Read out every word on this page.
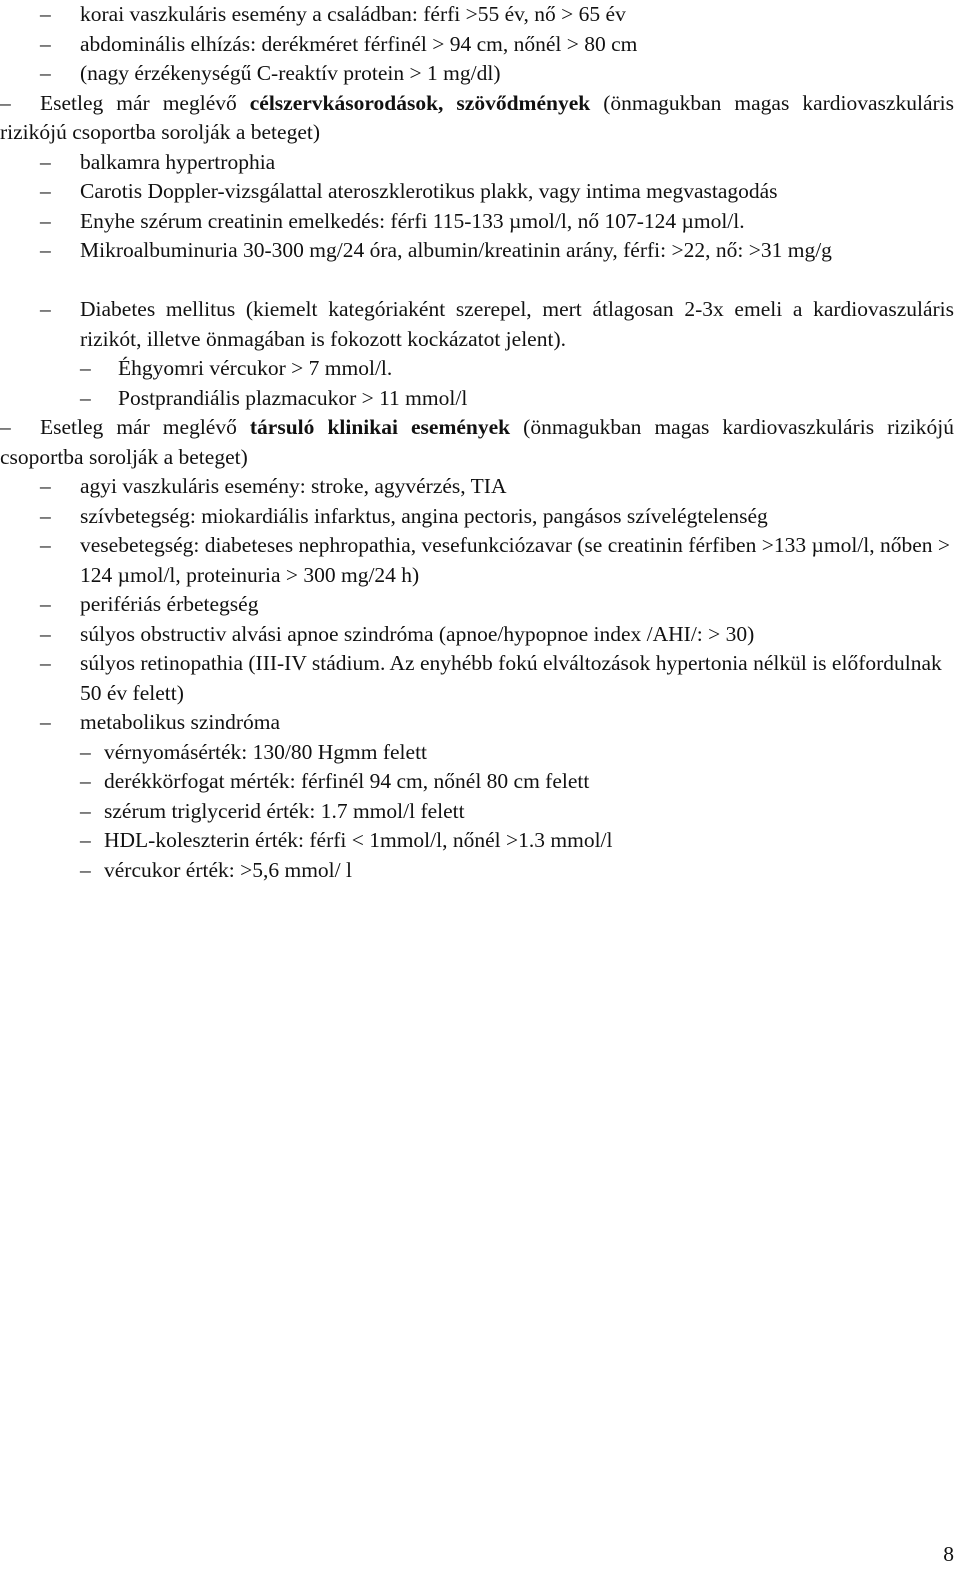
– korai vaszkuláris esemény a családban: férfi >55 év, nő > 65 év
– abdominális elhízás: derékméret férfinél > 94 cm, nőnél > 80 cm
– (nagy érzékenységű C-reaktív protein > 1 mg/dl)
–	Esetleg már meglévő célszervkásorodások, szövődmények (önmagukban magas kardiovaszkuláris rizikójú csoportba sorolják a beteget)
– balkamra hypertrophia
– Carotis Doppler-vizsgálattal ateroszklerotikus plakk, vagy intima megvastagodás
– Enyhe szérum creatinin emelkedés: férfi 115-133 µmol/l, nő 107-124 µmol/l.
– Mikroalbuminuria 30-300 mg/24 óra, albumin/kreatinin arány, férfi: >22, nő: >31 mg/g
– Diabetes mellitus (kiemelt kategóriaként szerepel, mert átlagosan 2-3x emeli a kardiovaszuláris rizikót, illetve önmagában is fokozott kockázatot jelent).
– Éhgyomri vércukor > 7 mmol/l.
– Postprandiális plazmacukor > 11 mmol/l
–	Esetleg már meglévő társuló klinikai események (önmagukban magas kardiovaszkuláris rizikójú csoportba sorolják a beteget)
– agyi vaszkuláris esemény: stroke, agyvérzés, TIA
– szívbetegség: miokardiális infarktus, angina pectoris, pangásos szívelégtelenség
– vesebetegség: diabeteses nephropathia, vesefunkciózavar (se creatinin férfiben >133 µmol/l, nőben > 124 µmol/l, proteinuria > 300 mg/24 h)
– perifériás érbetegség
– súlyos obstructiv alvási apnoe szindróma (apnoe/hypopnoe index /AHI/: > 30)
– súlyos retinopathia (III-IV stádium. Az enyhébb fokú elváltozások hypertonia nélkül is előfordulnak 50 év felett)
– metabolikus szindróma
– vérnyomásérték: 130/80 Hgmm felett
– derékkörfogat mérték: férfinél 94 cm, nőnél 80 cm felett
– szérum triglycerid érték: 1.7 mmol/l felett
– HDL-koleszterin érték: férfi < 1mmol/l, nőnél >1.3 mmol/l
– vércukor érték: >5,6 mmol/ l
8
